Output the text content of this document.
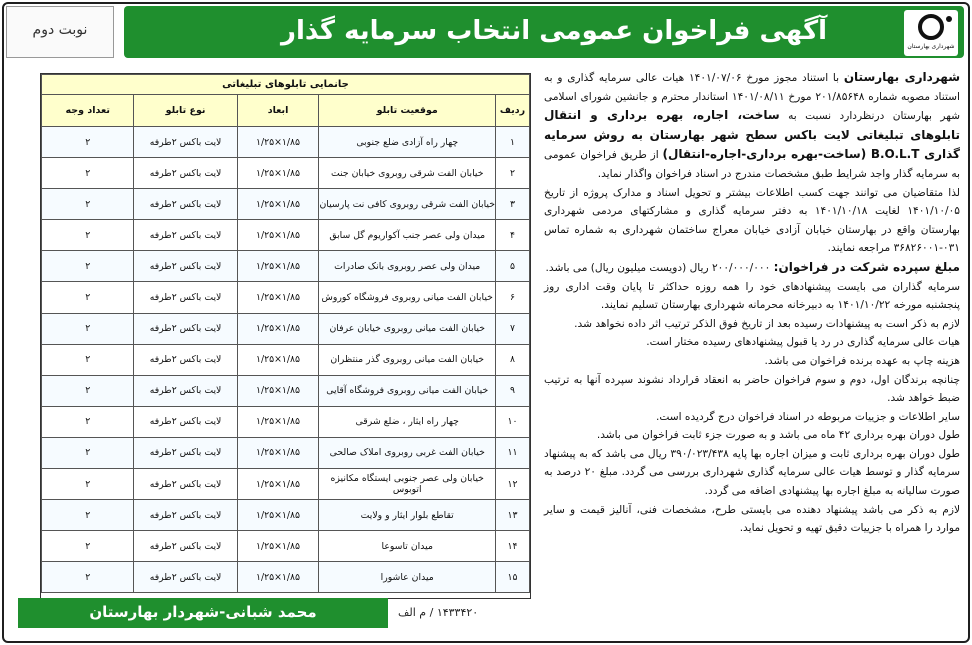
آگهی فراخوان عمومی انتخاب سرمایه گذار
شهرداری بهارستان
نوبت دوم

شهرداری بهارستان با استناد مجوز مورخ ۱۴۰۱/۰۷/۰۶ هیات عالی سرمایه گذاری و به استناد مصوبه شماره ۲۰۱/۸۵۶۴۸ مورخ ۱۴۰۱/۰۸/۱۱ استاندار محترم و جانشین شورای اسلامی شهر بهارستان درنظردارد نسبت به ساخت، اجاره، بهره برداری و انتقال تابلوهای تبلیغاتی لایت باکس سطح شهر بهارستان به روش سرمایه گذاری B.O.L.T (ساخت-بهره برداری-اجاره-انتقال) از طریق فراخوان عمومی به سرمایه گذار واجد شرایط طبق مشخصات مندرج در اسناد فراخوان واگذار نماید.

لذا متقاضیان می توانند جهت کسب اطلاعات بیشتر و تحویل اسناد و مدارک پروژه از تاریخ ۱۴۰۱/۱۰/۰۵ لغایت ۱۴۰۱/۱۰/۱۸ به دفتر سرمایه گذاری و مشارکتهای مردمی شهرداری بهارستان واقع در بهارستان خیابان آزادی خیابان معراج ساختمان شهرداری به شماره تماس ۰۳۱-۳۶۸۲۶۰۰۱ مراجعه نمایند.

مبلغ سپرده شرکت در فراخوان: ۲۰۰/۰۰۰/۰۰۰ ریال (دویست میلیون ریال) می باشد.

سرمایه گذاران می بایست پیشنهادهای خود را همه روزه حداکثر تا پایان وقت اداری روز پنجشنبه مورخه ۱۴۰۱/۱۰/۲۲ به دبیرخانه محرمانه شهرداری بهارستان تسلیم نمایند.

لازم به ذکر است به پیشنهادات رسیده بعد از تاریخ فوق الذکر ترتیب اثر داده نخواهد شد.

هیات عالی سرمایه گذاری در رد یا قبول پیشنهادهای رسیده مختار است.

هزینه چاپ به عهده برنده فراخوان می باشد.

چنانچه برندگان اول، دوم و سوم فراخوان حاضر به انعقاد قرارداد نشوند سپرده آنها به ترتیب ضبط خواهد شد.

سایر اطلاعات و جزییات مربوطه در اسناد فراخوان درج گردیده است.

طول دوران بهره برداری ۴۲ ماه می باشد و به صورت جزء ثابت فراخوان می باشد.

طول دوران بهره برداری ثابت و میزان اجاره بها پایه ۳۹۰/۰۲۳/۴۳۸ ریال می باشد که به پیشنهاد سرمایه گذار و توسط هیات عالی سرمایه گذاری شهرداری بررسی می گردد. مبلغ ۲۰ درصد به صورت سالیانه به مبلغ اجاره بها پیشنهادی اضافه می گردد.

لازم به ذکر می باشد پیشنهاد دهنده می بایستی طرح، مشخصات فنی، آنالیز قیمت و سایر موارد را همراه با جزییات دقیق تهیه و تحویل نماید.

جانمایی تابلوهای تبلیغاتی				
ردیف	موقعیت تابلو	ابعاد	نوع تابلو	تعداد وجه
۱	چهار راه آزادی ضلع جنوبی	۱/۸۵×۱/۲۵	لایت باکس ۲طرفه	۲
۲	خیابان الفت شرقی روبروی خیابان جنت	۱/۸۵×۱/۲۵	لایت باکس ۲طرفه	۲
۳	خیابان الفت شرقی روبروی کافی نت پارسیان	۱/۸۵×۱/۲۵	لایت باکس ۲طرفه	۲
۴	میدان ولی عصر جنب آکواریوم گل سابق	۱/۸۵×۱/۲۵	لایت باکس ۲طرفه	۲
۵	میدان ولی عصر روبروی بانک صادرات	۱/۸۵×۱/۲۵	لایت باکس ۲طرفه	۲
۶	خیابان الفت میانی روبروی فروشگاه کوروش	۱/۸۵×۱/۲۵	لایت باکس ۲طرفه	۲
۷	خیابان الفت میانی روبروی خیابان عرفان	۱/۸۵×۱/۲۵	لایت باکس ۲طرفه	۲
۸	خیابان الفت میانی روبروی گذر منتظران	۱/۸۵×۱/۲۵	لایت باکس ۲طرفه	۲
۹	خیابان الفت میانی روبروی فروشگاه آقایی	۱/۸۵×۱/۲۵	لایت باکس ۲طرفه	۲
۱۰	چهار راه ایثار ، ضلع شرقی	۱/۸۵×۱/۲۵	لایت باکس ۲طرفه	۲
۱۱	خیابان الفت غربی روبروی املاک صالحی	۱/۸۵×۱/۲۵	لایت باکس ۲طرفه	۲
۱۲	خیابان ولی عصر جنوبی ایستگاه مکانیزه اتوبوس	۱/۸۵×۱/۲۵	لایت باکس ۲طرفه	۲
۱۳	تقاطع بلوار ایثار و ولایت	۱/۸۵×۱/۲۵	لایت باکس ۲طرفه	۲
۱۴	میدان تاسوعا	۱/۸۵×۱/۲۵	لایت باکس ۲طرفه	۲
۱۵	میدان عاشورا	۱/۸۵×۱/۲۵	لایت باکس ۲طرفه	۲
محمد شبانی-شهردار بهارستان	۱۴۳۳۴۲۰ / م الف
